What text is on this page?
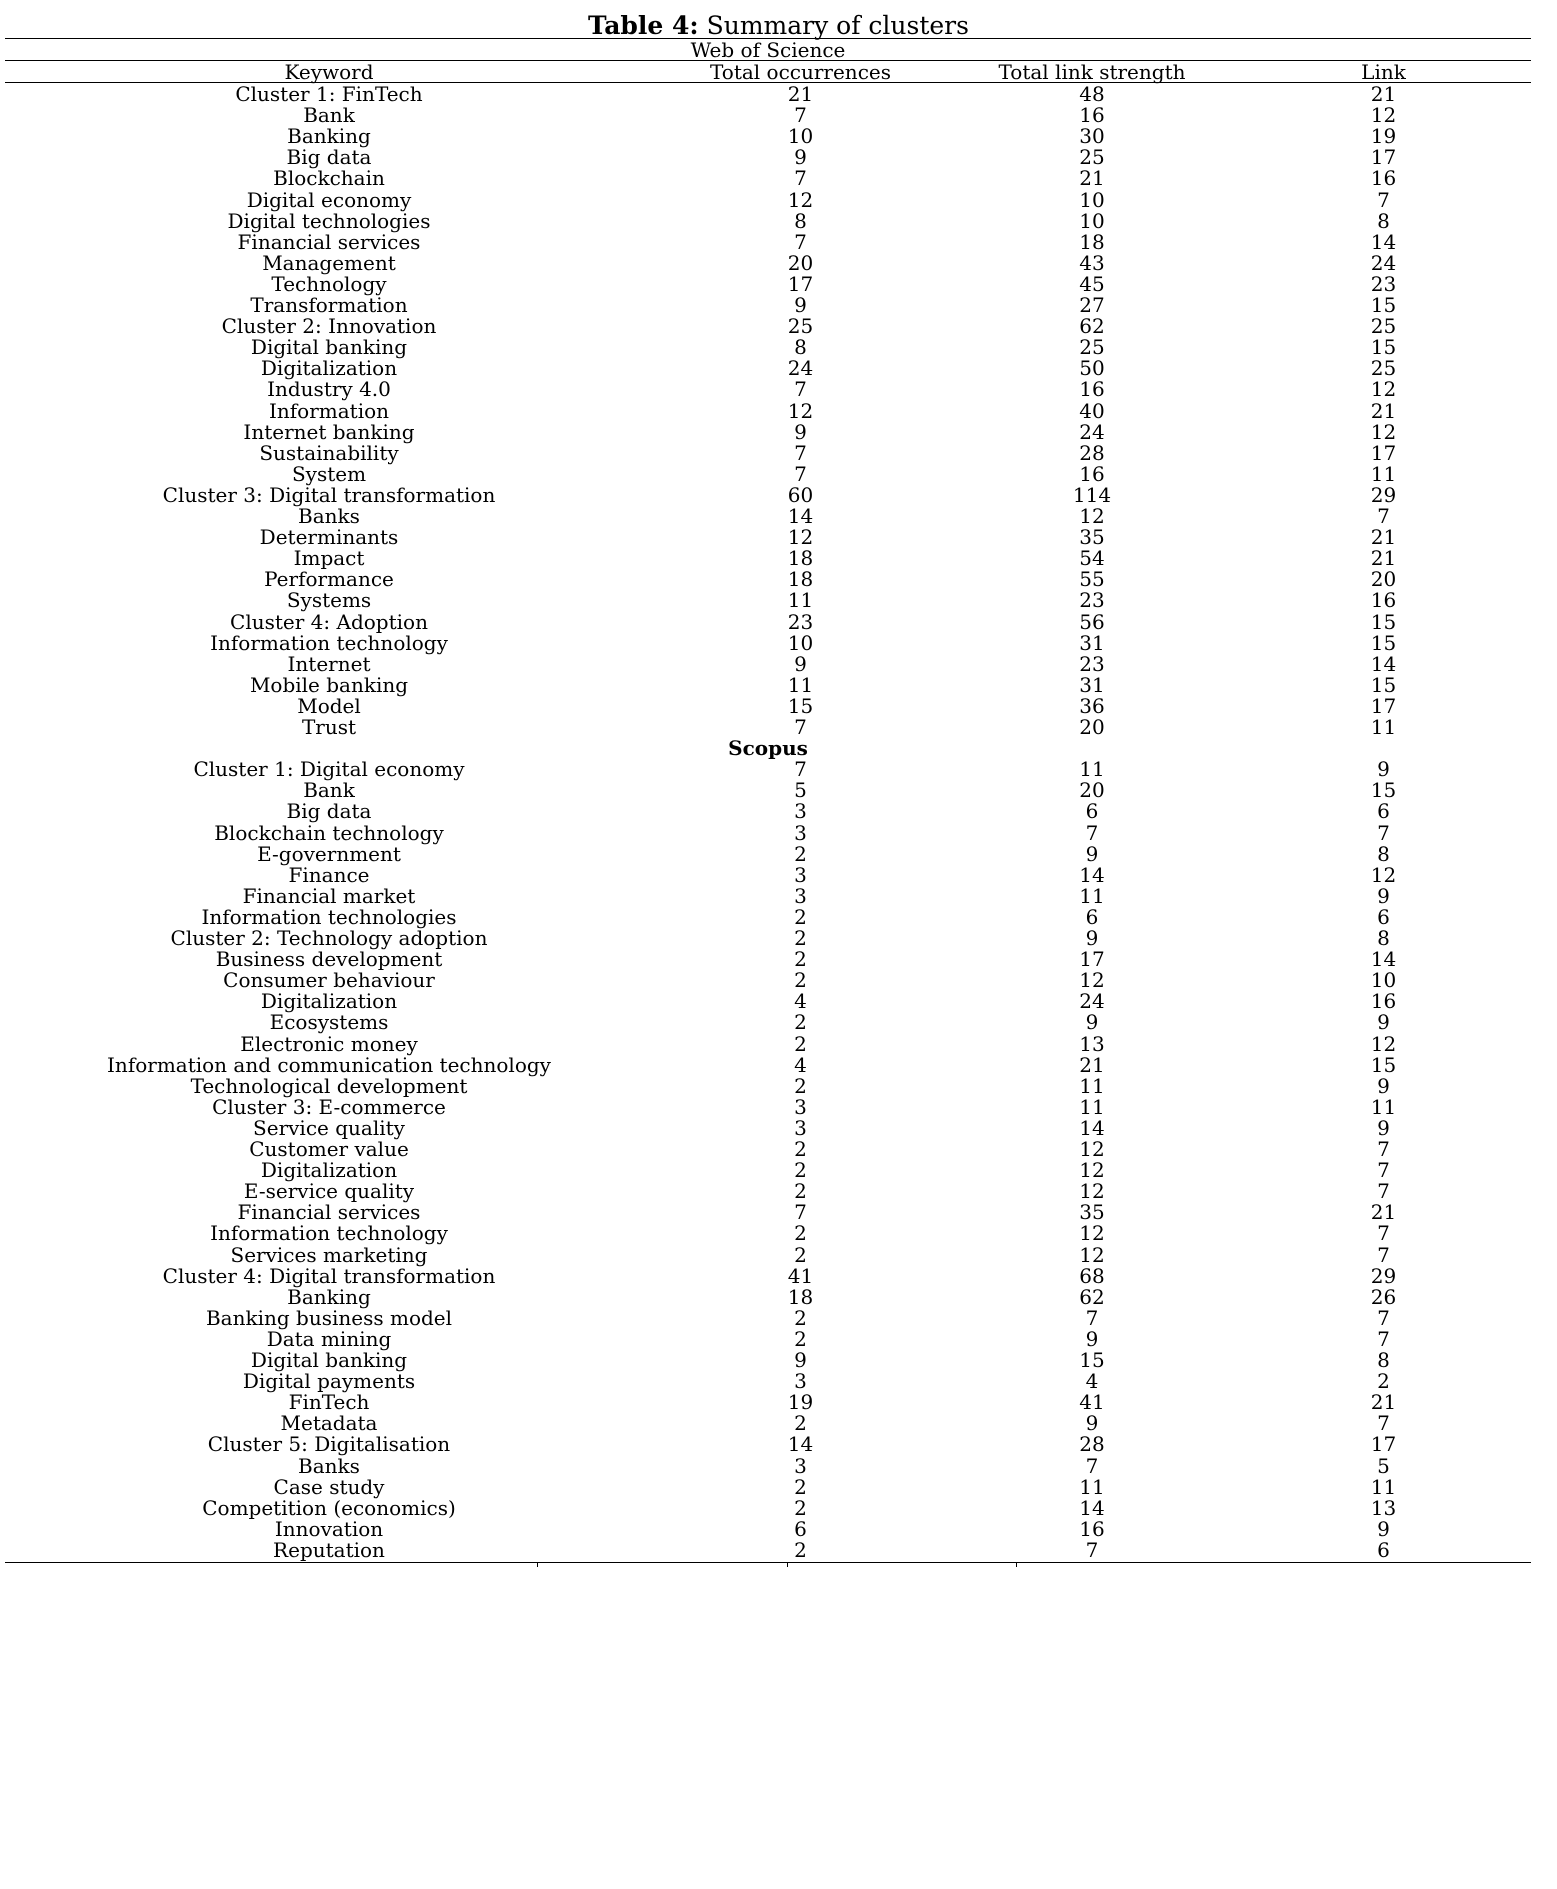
Table 4: Summary of clusters
Web of Science
Keyword	Total occurrences	Total link strength	Link
Cluster 1: FinTech	21	48	21
Bank	7	16	12
Banking	10	30	19
Big data	9	25	17
Blockchain	7	21	16
Digital economy	12	10	7
Digital technologies	8	10	8
Financial services	7	18	14
Management	20	43	24
Technology	17	45	23
Transformation	9	27	15
Cluster 2: Innovation	25	62	25
Digital banking	8	25	15
Digitalization	24	50	25
Industry 4.0	7	16	12
Information	12	40	21
Internet banking	9	24	12
Sustainability	7	28	17
System	7	16	11
Cluster 3: Digital transformation	60	114	29
Banks	14	12	7
Determinants	12	35	21
Impact	18	54	21
Performance	18	55	20
Systems	11	23	16
Cluster 4: Adoption	23	56	15
Information technology	10	31	15
Internet	9	23	14
Mobile banking	11	31	15
Model	15	36	17
Trust	7	20	11
Scopus
Cluster 1: Digital economy	7	11	9
Bank	5	20	15
Big data	3	6	6
Blockchain technology	3	7	7
E-government	2	9	8
Finance	3	14	12
Financial market	3	11	9
Information technologies	2	6	6
Cluster 2: Technology adoption	2	9	8
Business development	2	17	14
Consumer behaviour	2	12	10
Digitalization	4	24	16
Ecosystems	2	9	9
Electronic money	2	13	12
Information and communication technology	4	21	15
Technological development	2	11	9
Cluster 3: E-commerce	3	11	11
Service quality	3	14	9
Customer value	2	12	7
Digitalization	2	12	7
E-service quality	2	12	7
Financial services	7	35	21
Information technology	2	12	7
Services marketing	2	12	7
Cluster 4: Digital transformation	41	68	29
Banking	18	62	26
Banking business model	2	7	7
Data mining	2	9	7
Digital banking	9	15	8
Digital payments	3	4	2
FinTech	19	41	21
Metadata	2	9	7
Cluster 5: Digitalisation	14	28	17
Banks	3	7	5
Case study	2	11	11
Competition (economics)	2	14	13
Innovation	6	16	9
Reputation	2	7	6
